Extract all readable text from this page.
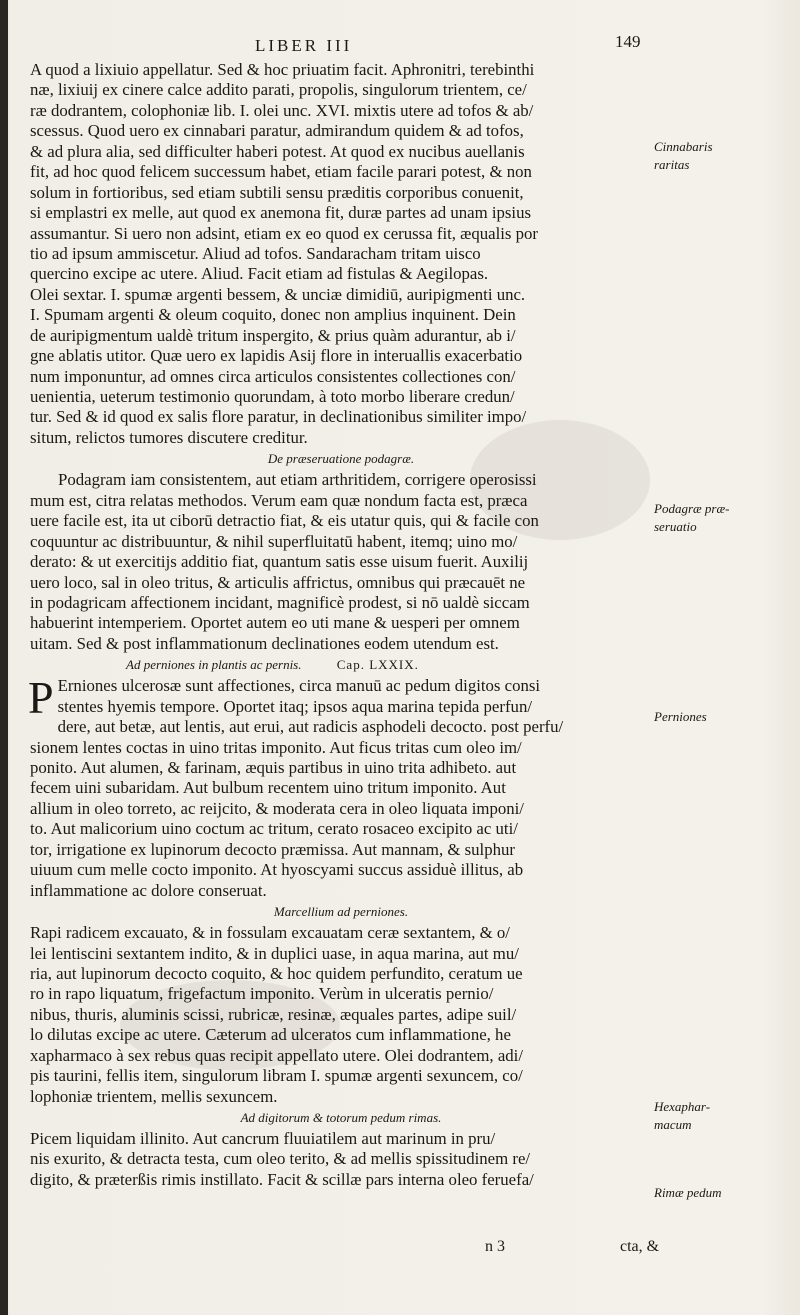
LIBER III	149
A quod a lixiuio appellatur. Sed & hoc priuatim facit. Aphronitri, terebinthi
næ, lixiuij ex cinere calce addito parati, propolis, singulorum trientem, ce/
ræ dodrantem, colophoniæ lib. I. olei unc. XVI. mixtis utere ad tofos & ab/
scessus. Quod uero ex cinnabari paratur, admirandum quidem & ad tofos,
& ad plura alia, sed difficulter haberi potest. At quod ex nucibus auellanis
fit, ad hoc quod felicem successum habet, etiam facile parari potest, & non
solum in fortioribus, sed etiam subtili sensu præditis corporibus conuenit,
si emplastri ex melle, aut quod ex anemona fit, duræ partes ad unam ipsius
assumantur. Si uero non adsint, etiam ex eo quod ex cerussa fit, æqualis por
tio ad ipsum ammiscetur. Aliud ad tofos. Sandaracham tritam uisco
quercino excipe ac utere. Aliud. Facit etiam ad fistulas & Aegilopas.
Olei sextar. I. spumæ argenti bessem, & unciæ dimidiū, auripigmenti unc.
I. Spumam argenti & oleum coquito, donec non amplius inquinent. Dein
de auripigmentum ualdè tritum inspergito, & prius quàm adurantur, ab i/
gne ablatis utitor. Quæ uero ex lapidis Asij flore in interuallis exacerbatio
num imponuntur, ad omnes circa articulos consistentes collectiones con/
uenientia, ueterum testimonio quorundam, à toto morbo liberare credun/
tur. Sed & id quod ex salis flore paratur, in declinationibus similiter impo/
situm, relictos tumores discutere creditur.
De præseruatione podagræ.
Podagram iam consistentem, aut etiam arthritidem, corrigere operosissi
mum est, citra relatas methodos. Verum eam quæ nondum facta est, præca
uere facile est, ita ut ciborū detractio fiat, & eis utatur quis, qui & facile con
coquuntur ac distribuuntur, & nihil superfluitatū habent, itemq; uino mo/
derato: & ut exercitijs additio fiat, quantum satis esse uisum fuerit. Auxilij
uero loco, sal in oleo tritus, & articulis affrictus, omnibus qui præcauēt ne
in podagricam affectionem incidant, magnificè prodest, si nō ualdè siccam
habuerint intemperiem. Oportet autem eo uti mane & uesperi per omnem
uitam. Sed & post inflammationum declinationes eodem utendum est.
Ad perniones in plantis ac pernis.	Cap. LXXIX.
P Erniones ulcerosæ sunt affectiones, circa manuū ac pedum digitos consi
stentes hyemis tempore. Oportet itaq; ipsos aqua marina tepida perfun/
dere, aut betæ, aut lentis, aut erui, aut radicis asphodeli decocto. post perfu/
sionem lentes coctas in uino tritas imponito. Aut ficus tritas cum oleo im/
ponito. Aut alumen, & farinam, æquis partibus in uino trita adhibeto. aut
fecem uini subaridam. Aut bulbum recentem uino tritum imponito. Aut
allium in oleo torreto, ac reijcito, & moderata cera in oleo liquata imponi/
to. Aut malicorium uino coctum ac tritum, cerato rosaceo excipito ac uti/
tor, irrigatione ex lupinorum decocto præmissa. Aut mannam, & sulphur
uiuum cum melle cocto imponito. At hyoscyami succus assiduè illitus, ab
inflammatione ac dolore conseruat.
Marcellium ad perniones.
Rapi radicem excauato, & in fossulam excauatam ceræ sextantem, & o/
lei lentiscini sextantem indito, & in duplici uase, in aqua marina, aut mu/
ria, aut lupinorum decocto coquito, & hoc quidem perfundito, ceratum ue
ro in rapo liquatum, frigefactum imponito. Verùm in ulceratis pernio/
nibus, thuris, aluminis scissi, rubricæ, resinæ, æquales partes, adipe suil/
lo dilutas excipe ac utere. Cæterum ad ulceratos cum inflammatione, he
xapharmaco à sex rebus quas recipit appellato utere. Olei dodrantem, adi/
pis taurini, fellis item, singulorum libram I. spumæ argenti sexuncem, co/
lophoniæ trientem, mellis sexuncem.
Ad digitorum & totorum pedum rimas.
Picem liquidam illinito. Aut cancrum fluuiatilem aut marinum in pru/
nis exurito, & detracta testa, cum oleo terito, & ad mellis spissitudinem re/
digito, & præterßis rimis instillato. Facit & scillæ pars interna oleo feruefa/
Cinnabaris
raritas
Podagræ præ-
seruatio
Perniones
Hexaphar-
macum
Rimæ pedum
n 3	cta, &
